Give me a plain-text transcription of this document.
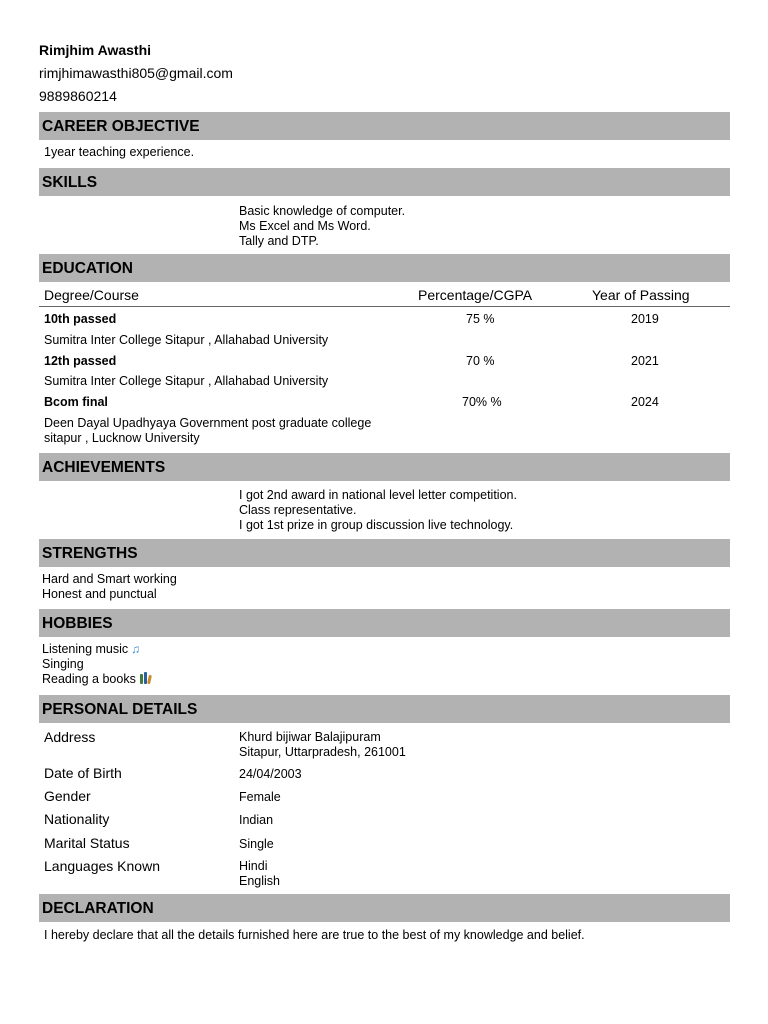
Rimjhim Awasthi
rimjhimawasthi805@gmail.com
9889860214
CAREER OBJECTIVE
1year teaching experience.
SKILLS
Basic knowledge of computer.
Ms Excel and Ms Word.
Tally and DTP.
EDUCATION
Degree/Course	Percentage/CGPA	Year of Passing
10th passed	75 %	2019
Sumitra Inter College Sitapur , Allahabad University
12th passed	70 %	2021
Sumitra Inter College Sitapur , Allahabad University
Bcom final	70% %	2024
Deen Dayal Upadhyaya Government post graduate college
sitapur , Lucknow University
ACHIEVEMENTS
I got 2nd award in national level letter competition.
Class representative.
I got 1st prize in group discussion live technology.
STRENGTHS
Hard and Smart working
Honest and punctual
HOBBIES
Listening music ♫
Singing
Reading a books
PERSONAL DETAILS
Address	Khurd bijiwar Balajipuram
Sitapur, Uttarpradesh, 261001
Date of Birth	24/04/2003
Gender	Female
Nationality	Indian
Marital Status	Single
Languages Known	Hindi
English
DECLARATION
I hereby declare that all the details furnished here are true to the best of my knowledge and belief.
